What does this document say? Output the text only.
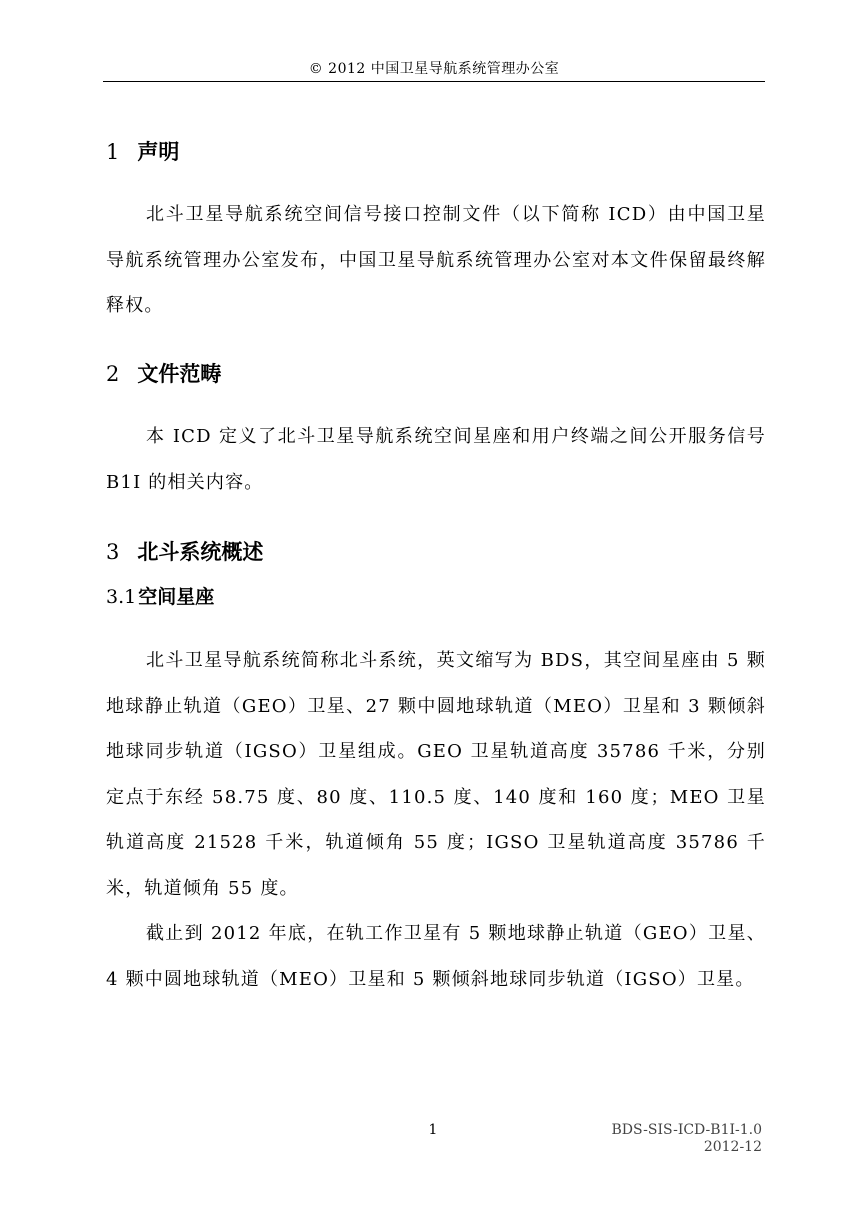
© 2012 中国卫星导航系统管理办公室
1 声明

北斗卫星导航系统空间信号接口控制文件（以下简称 ICD）由中国卫星导航系统管理办公室发布，中国卫星导航系统管理办公室对本文件保留最终解释权。

2 文件范畴

本 ICD 定义了北斗卫星导航系统空间星座和用户终端之间公开服务信号 B1I 的相关内容。

3 北斗系统概述
3.1 空间星座

北斗卫星导航系统简称北斗系统，英文缩写为 BDS，其空间星座由 5 颗地球静止轨道（GEO）卫星、27 颗中圆地球轨道（MEO）卫星和 3 颗倾斜地球同步轨道（IGSO）卫星组成。GEO 卫星轨道高度 35786 千米，分别定点于东经 58.75 度、80 度、110.5 度、140 度和 160 度；MEO 卫星轨道高度 21528 千米，轨道倾角 55 度；IGSO 卫星轨道高度 35786 千米，轨道倾角 55 度。

截止到 2012 年底，在轨工作卫星有 5 颗地球静止轨道（GEO）卫星、4 颗中圆地球轨道（MEO）卫星和 5 颗倾斜地球同步轨道（IGSO）卫星。

1	BDS-SIS-ICD-B1I-1.0
2012-12
